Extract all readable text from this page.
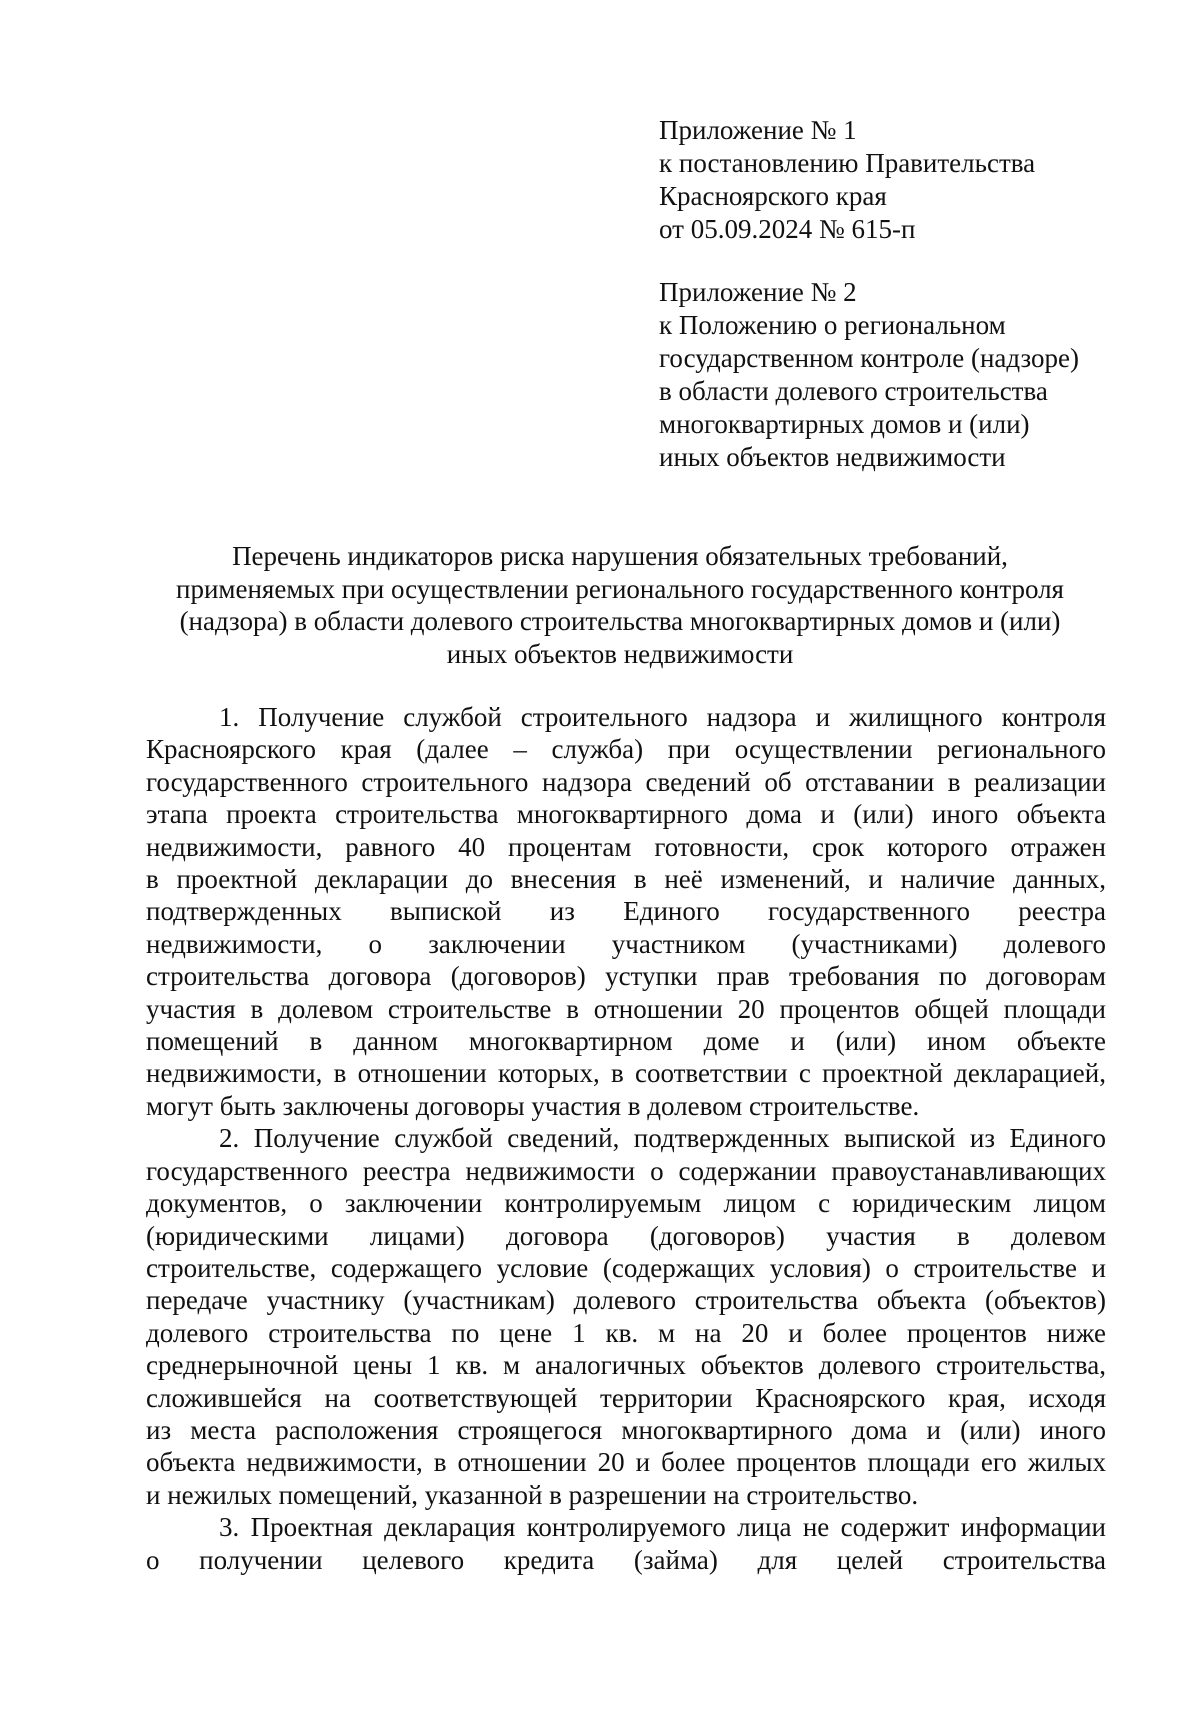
Приложение № 1
к постановлению Правительства
Красноярского края
от 05.09.2024 № 615-п
Приложение № 2
к Положению о региональном
государственном контроле (надзоре)
в области долевого строительства
многоквартирных домов и (или)
иных объектов недвижимости
Перечень индикаторов риска нарушения обязательных требований,
применяемых при осуществлении регионального государственного контроля
(надзора) в области долевого строительства многоквартирных домов и (или)
иных объектов недвижимости
1. Получение службой строительного надзора и жилищного контроля
Красноярского края (далее – служба) при осуществлении регионального
государственного строительного надзора сведений об отставании в реализации
этапа проекта строительства многоквартирного дома и (или) иного объекта
недвижимости, равного 40 процентам готовности, срок которого отражен
в проектной декларации до внесения в неё изменений, и наличие данных,
подтвержденных выпиской из Единого государственного реестра
недвижимости, о заключении участником (участниками) долевого
строительства договора (договоров) уступки прав требования по договорам
участия в долевом строительстве в отношении 20 процентов общей площади
помещений в данном многоквартирном доме и (или) ином объекте
недвижимости, в отношении которых, в соответствии с проектной декларацией,
могут быть заключены договоры участия в долевом строительстве.
2. Получение службой сведений, подтвержденных выпиской из Единого
государственного реестра недвижимости о содержании правоустанавливающих
документов, о заключении контролируемым лицом с юридическим лицом
(юридическими лицами) договора (договоров) участия в долевом
строительстве, содержащего условие (содержащих условия) о строительстве и
передаче участнику (участникам) долевого строительства объекта (объектов)
долевого строительства по цене 1 кв. м на 20 и более процентов ниже
среднерыночной цены 1 кв. м аналогичных объектов долевого строительства,
сложившейся на соответствующей территории Красноярского края, исходя
из места расположения строящегося многоквартирного дома и (или) иного
объекта недвижимости, в отношении 20 и более процентов площади его жилых
и нежилых помещений, указанной в разрешении на строительство.
3. Проектная декларация контролируемого лица не содержит информации
о получении целевого кредита (займа) для целей строительства
